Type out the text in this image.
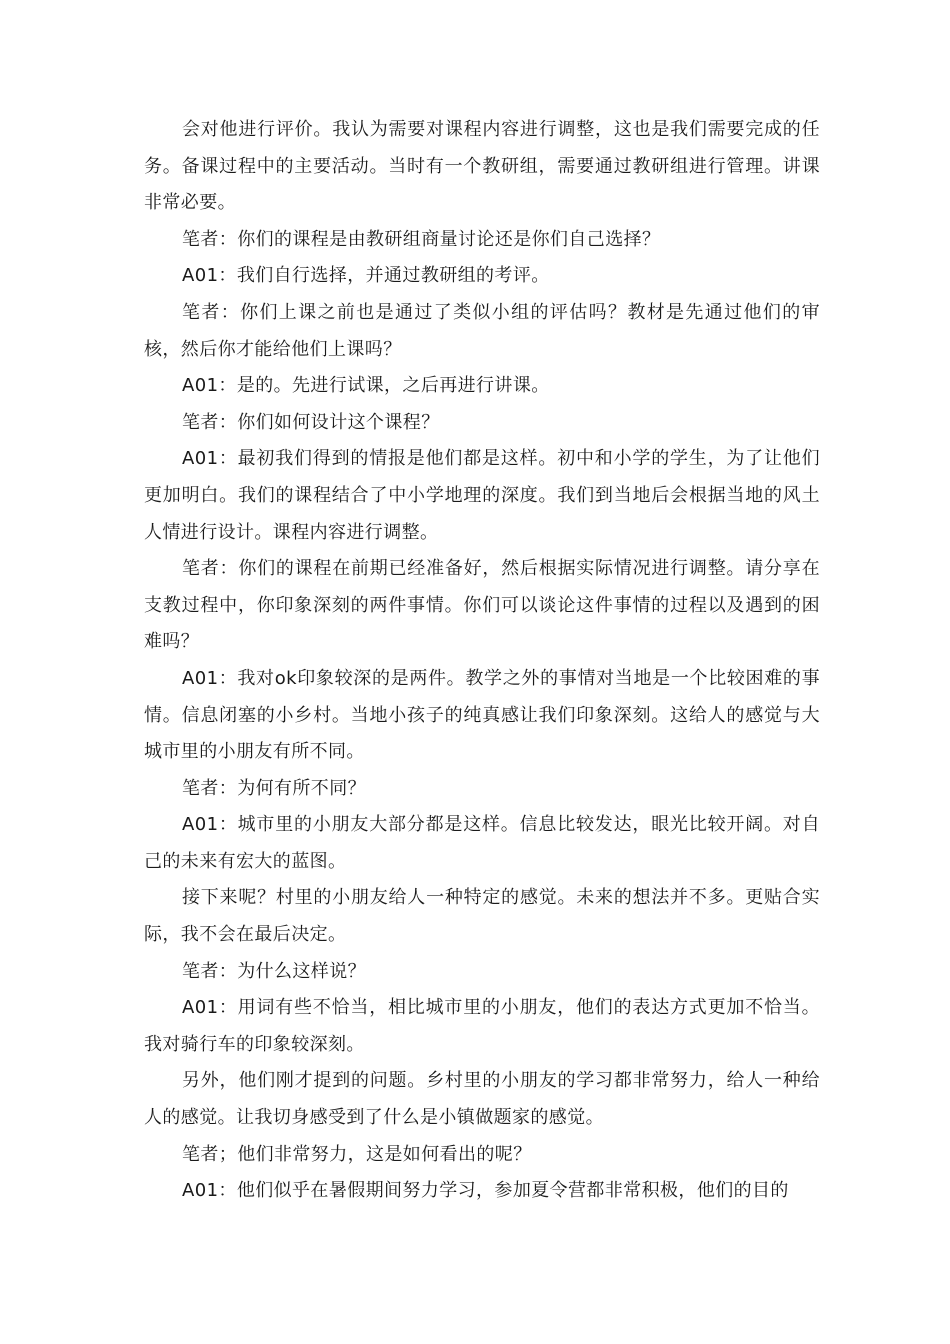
会对他进行评价。我认为需要对课程内容进行调整，这也是我们需要完成的任务。备课过程中的主要活动。当时有一个教研组，需要通过教研组进行管理。讲课非常必要。

笔者：你们的课程是由教研组商量讨论还是你们自己选择？

A01：我们自行选择，并通过教研组的考评。

笔者：你们上课之前也是通过了类似小组的评估吗？教材是先通过他们的审核，然后你才能给他们上课吗？

A01：是的。先进行试课，之后再进行讲课。

笔者：你们如何设计这个课程？

A01：最初我们得到的情报是他们都是这样。初中和小学的学生，为了让他们更加明白。我们的课程结合了中小学地理的深度。我们到当地后会根据当地的风土人情进行设计。课程内容进行调整。

笔者：你们的课程在前期已经准备好，然后根据实际情况进行调整。请分享在支教过程中，你印象深刻的两件事情。你们可以谈论这件事情的过程以及遇到的困难吗？

A01：我对ok印象较深的是两件。教学之外的事情对当地是一个比较困难的事情。信息闭塞的小乡村。当地小孩子的纯真感让我们印象深刻。这给人的感觉与大城市里的小朋友有所不同。

笔者：为何有所不同？

A01：城市里的小朋友大部分都是这样。信息比较发达，眼光比较开阔。对自己的未来有宏大的蓝图。

接下来呢？村里的小朋友给人一种特定的感觉。未来的想法并不多。更贴合实际，我不会在最后决定。

笔者：为什么这样说？

A01：用词有些不恰当，相比城市里的小朋友，他们的表达方式更加不恰当。我对骑行车的印象较深刻。

另外，他们刚才提到的问题。乡村里的小朋友的学习都非常努力，给人一种给人的感觉。让我切身感受到了什么是小镇做题家的感觉。

笔者；他们非常努力，这是如何看出的呢？

A01：他们似乎在暑假期间努力学习，参加夏令营都非常积极，他们的目的
